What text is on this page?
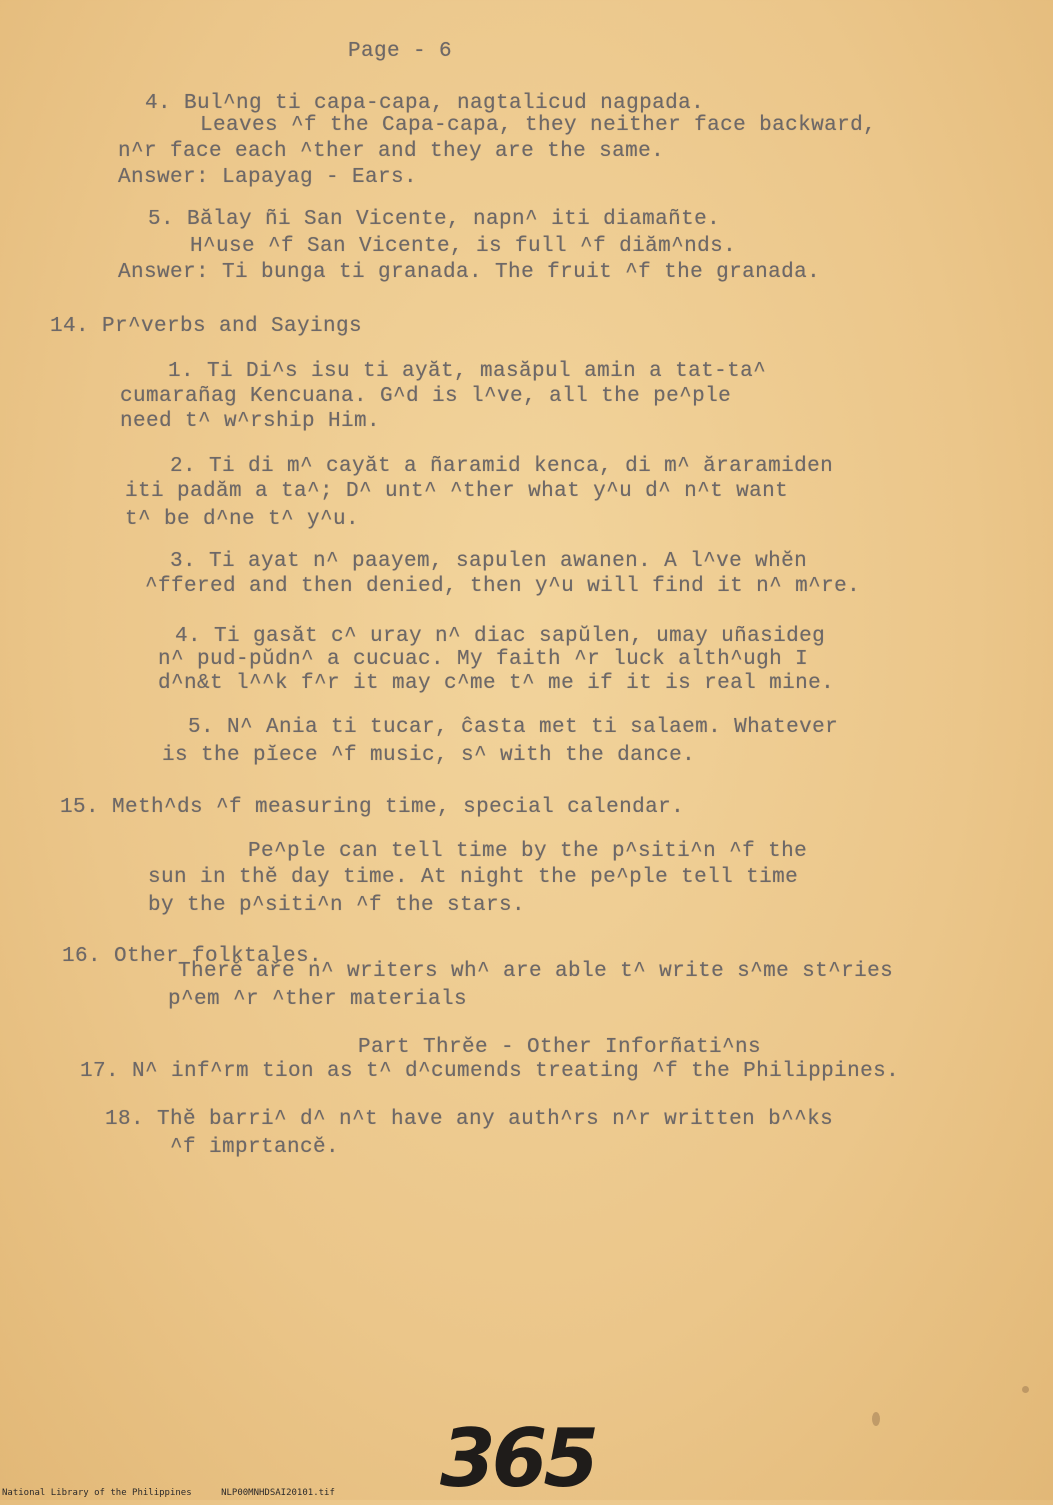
Page - 6
4. Bul^ng ti capa-capa, nagtalicud nagpada.
Leaves ^f the Capa-capa, they neither face backward,
n^r face each ^ther and they are the same.
Answer: Lapayag - Ears.
5. Bălay ñi San Vicente, napn^ iti diamañte.
H^use ^f San Vicente, is full ^f diăm^nds.
Answer: Ti bunga ti granada. The fruit ^f the granada.
14. Pr^verbs and Sayings
1. Ti Di^s isu ti ayăt, masăpul amin a tat-ta^
cumarañag Kencuana. G^d is l^ve, all the pe^ple
need t^ w^rship Him.
2. Ti di m^ cayăt a ñaramid kenca, di m^ ăraramiden
iti padăm a ta^; D^ unt^ ^ther what y^u d^ n^t want
t^ be d^ne t^ y^u.
3. Ti ayat n^ paayem, sapulen awanen. A l^ve whĕn
^ffered and then denied, then y^u will find it n^ m^re.
4. Ti gasăt c^ uray n^ diac sapŭlen, umay uñasideg
n^ pud-pŭdn^ a cucuac. My faith ^r luck alth^ugh I
d^n&t l^^k f^r it may c^me t^ me if it is real mine.
5. N^ Ania ti tucar, ĉasta met ti salaem. Whatever
is the pĭece ^f music, s^ with the dance.
15. Meth^ds ^f measuring time, special calendar.
Pe^ple can tell time by the p^siti^n ^f the
sun in thĕ day time. At night the pe^ple tell time
by the p^siti^n ^f the stars.
16. Other folktales.
Therĕ aře n^ writers wh^ are able t^ write s^me st^ries
p^em ^r ^ther materials
Part Thrĕe - Other Inforñati^ns
17. N^ inf^rm tion as t^ d^cumends treating ^f the Philippines.
18. Thĕ barri^ d^ n^t have any auth^rs n^r written b^^ks
^f imprtancĕ.
365
National Library of the Philippines	NLP00MNHDSAI20101.tif
